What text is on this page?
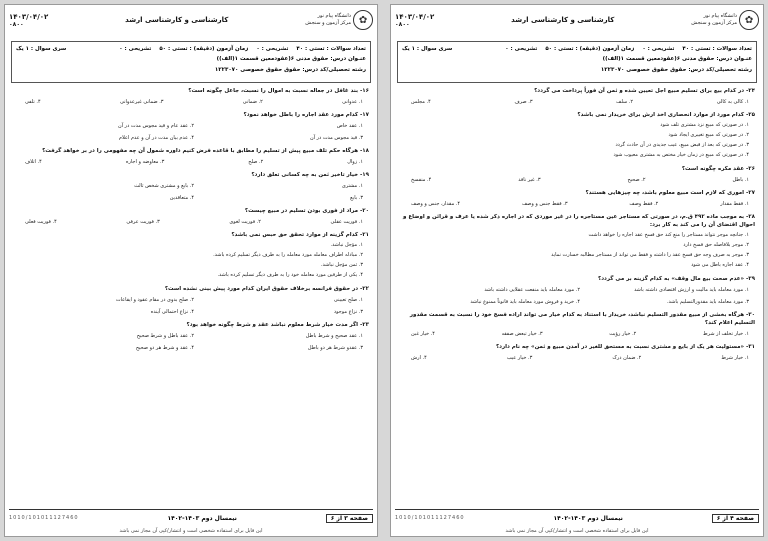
✿
دانشگاه پیام نور
مرکز آزمون و سنجش
کارشناسی و کارشناسی ارشد
۱۴۰۳/۰۴/۰۲
۰۸۰۰
تعداد سوالات : تستی : ۴۰
تشریحی : ۰
زمان آزمون (دقیقه) : تستی : ۵۰
تشریحی : ۰
سری سوال : ۱ یک
عنـوان درس: حقوق مدنی ۶(عقودمعین قسمت ۱(الف))
رشته تحصیلی/کد درس: حقوق حقوق خصوصی ۱۲۲۳۰۷۰
۱۶- بند غافل در جعاله نسبت به اموال را نسبت، جاعل چگونه است؟
۱. عدوانی
۲. ضمانی
۳. ضمانی غیرعدوانی
۴. تلفی
۱۷- کدام مورد عقد اجاره را باطل خواهد نمود؟
۱. عقد خاص
۲. عقد عام و قید مجوس مدت در آن
۳. قید مجوس مدت در آن
۴. عدم بیان مدت در آن و عدم اعلام
۱۸- هرگاه حکم تلف مبیع پیش از تسلیم را مطابق با قاعده فرض کنیم داوره شمول آن چه مفهومی را در بر خواهد گرفت؟
۱. زوال
۲. صلح
۳. معاوضه و اجاره
۴. اتلاف
۱۹- خیار تاخیر ثمن به چه کسانی تعلق دارد؟
۱. مشتری
۲. بایع و مشتری شخص ثالث
۳. بایع
۴. متعاقدین
۲۰- مراد از فوری بودن تسلیم در مبیع چیست؟
۱. فوریت عقلی
۲. فوریت لغوی
۳. فوریت عرفی
۴. فوریت فعلی
۲۱- کدام گزینه از موارد تحقق حق حبس نمی باشد؟
۱. مؤجل نباشد.
۲. مبادله اطراف معامله مورد معامله را به طرف دیگر تسلیم کرده باشد.
۳. ثمن مؤجل نباشد.
۴. یکی از طرفین مورد معامله خود را به طرف دیگر تسلیم کرده باشد.
۲۲- در حقوق فرانسه برخلاف حقوق ایران کدام مورد پیش بینی نشده است؟
۱. صلح تعیینی
۲. صلح بدوی در مقام عقود و ایقاعات
۳. نزاع موجود
۴. نزاع احتمالی آینده
۲۳- اگر مدت خیار شرط معلوم نباشد عقد و شرط چگونه خواهد بود؟
۱. عقد صحیح و شرط باطل
۲. عقد باطل و شرط صحیح
۳. عقدو شرط هر دو باطل
۴. عقد و شرط هر دو صحیح
صفحه ۳ از ۶
نیمسال دوم ۱۴۰۳-۱۴۰۲
1010/101011127460
این فایل برای استفاده شخصی است و انتشار/کپی آن مجاز نمی باشد
✿
دانشگاه پیام نور
مرکز آزمون و سنجش
کارشناسی و کارشناسی ارشد
۱۴۰۳/۰۴/۰۲
۰۸۰۰
تعداد سوالات : تستی : ۴۰
تشریحی : ۰
زمان آزمون (دقیقه) : تستی : ۵۰
تشریحی : ۰
سری سوال : ۱ یک
عنـوان درس: حقوق مدنی ۶(عقودمعین قسمت ۱(الف))
رشته تحصیلی/کد درس: حقوق حقوق خصوصی ۱۲۲۳۰۷۰
۲۴- در کدام بیع برای تسلیم مبیع اجل تعیین شده و ثمن آن فوراً پرداخت می گردد؟
۱. کالی به کالی
۲. سلف
۳. صرف
۴. مجلس
۲۵- کدام مورد از موارد انحصاری اخذ ارش برای خریدار نمی باشد؟
۱. در صورتی که مبیع نزد مشتری تلف شود
۲. در صورتی که مبیع تغییری ایجاد شود
۳. در صورتی که بعد از قبض مبیع، عیب جدیدی در آن حادث گردد
۴. در صورتی که مبیع در زمان خیار مختص به مشتری معیوب شود
۲۶- عقد مکره چگونه است؟
۱. باطل
۲. صحیح
۳. غیر نافذ
۴. منفسخ
۲۷- اموری که لازم است مبیع معلوم باشد، چه چیزهایی هستند؟
۱. فقط مقدار
۲. فقط وصف
۳. فقط جنس و وصف
۴. مقدار، جنس و وصف
۲۸- به موجب ماده ۴۹۲ ق.م، در صورتی که مستاجر عین مستاجره را در غیر موردی که در اجاره ذکر شده یا عرف و قرائن و اوضاع و احوال اقتضای آن را می کند به کار برد:
۱. جنانچه موجر نتواند مستاجر را منع کند حق فسخ عقد اجاره را خواهد داشت
۲. موجر بلافاصله حق فسخ دارد
۳. موجر به صرف وجه حق فسخ عقد را داشته و فقط می تواند از مستاجر مطالبه خسارت نماید
۴. عقد اجاره باطل می شود
۲۹- «عدم صحت بیع مال وقف» به کدام گزینه بر می گردد؟
۱. مورد معامله باید مالیت و ارزش اقتصادی داشته باشد
۲. مورد معامله باید منفعت عقلایی داشته باشد
۳. مورد معامله باید مقدورالتسلیم باشد.
۴. خرید و فروش مورد معامله باید قانوناً ممنوع نباشد
۳۰- هرگاه بخشی از مبیع مقدور التسلیم نباشد، خریدار با استناد به کدام خیار می تواند اراده فسخ خود را نسبت به قسمت مقدور التسلیم اعلام کند؟
۱. خیار تخلف از شرط
۲. خیار رؤیت
۳. خیار تبعض صفقه
۴. خیار غبن
۳۱- «مستولیت هر یک از بایع و مشتری نسبت به مستحق للغیر در آمدن مبیع و ثمن» چه نام دارد؟
۱. خیار شرط
۲. ضمان درک
۳. خیار عیب
۴. ارش
صفحه ۴ از ۶
نیمسال دوم ۱۴۰۳-۱۴۰۲
1010/101011127460
این فایل برای استفاده شخصی است و انتشار/کپی آن مجاز نمی باشد
